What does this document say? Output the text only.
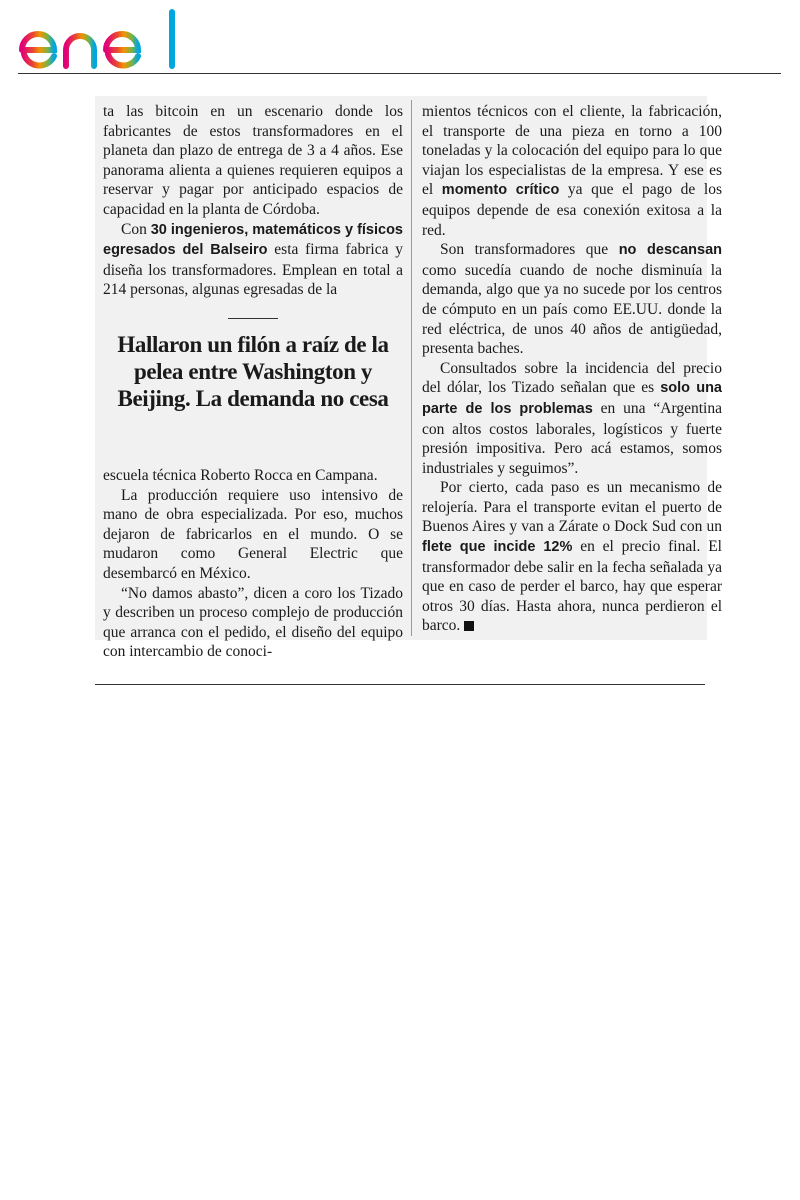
ta las bitcoin en un escenario donde los fabricantes de estos transformadores en el planeta dan plazo de entrega de 3 a 4 años. Ese panorama alienta a quienes requieren equipos a reservar y pagar por anticipado espacios de capacidad en la planta de Córdoba.

Con 30 ingenieros, matemáticos y físicos egresados del Balseiro esta firma fabrica y diseña los transformadores. Emplean en total a 214 personas, algunas egresadas de la

Hallaron un filón a raíz de la pelea entre Washington y Beijing. La demanda no cesa

escuela técnica Roberto Rocca en Campana.

La producción requiere uso intensivo de mano de obra especializada. Por eso, muchos dejaron de fabricarlos en el mundo. O se mudaron como General Electric que desembarcó en México.

“No damos abasto”, dicen a coro los Tizado y describen un proceso complejo de producción que arranca con el pedido, el diseño del equipo con intercambio de conoci-

mientos técnicos con el cliente, la fabricación, el transporte de una pieza en torno a 100 toneladas y la colocación del equipo para lo que viajan los especialistas de la empresa. Y ese es el momento crítico ya que el pago de los equipos depende de esa conexión exitosa a la red.

Son transformadores que no descansan como sucedía cuando de noche disminuía la demanda, algo que ya no sucede por los centros de cómputo en un país como EE.UU. donde la red eléctrica, de unos 40 años de antigüedad, presenta baches.

Consultados sobre la incidencia del precio del dólar, los Tizado señalan que es solo una parte de los problemas en una “Argentina con altos costos laborales, logísticos y fuerte presión impositiva. Pero acá estamos, somos industriales y seguimos”.

Por cierto, cada paso es un mecanismo de relojería. Para el transporte evitan el puerto de Buenos Aires y van a Zárate o Dock Sud con un flete que incide 12% en el precio final. El transformador debe salir en la fecha señalada ya que en caso de perder el barco, hay que esperar otros 30 días. Hasta ahora, nunca perdieron el barco.
